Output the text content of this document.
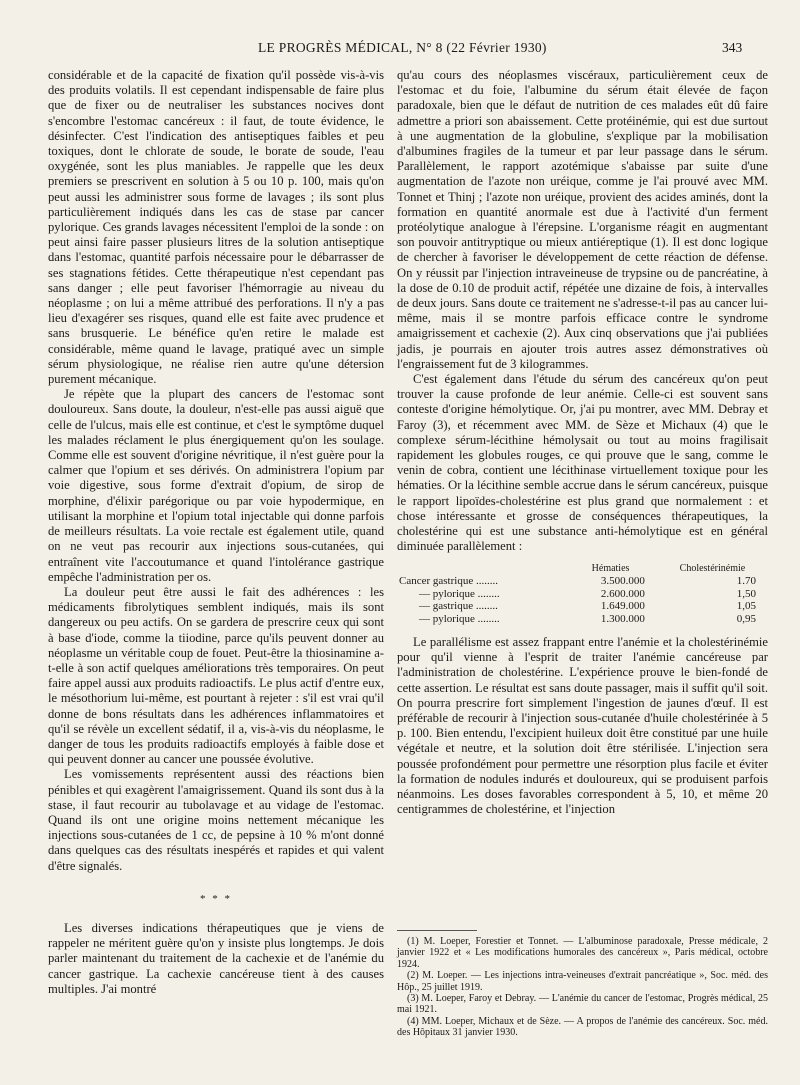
LE PROGRÈS MÉDICAL, N° 8 (22 Février 1930)	343

considérable et de la capacité de fixation qu'il possède vis-à-vis des produits volatils. Il est cependant indispensable de faire plus que de fixer ou de neutraliser les substances nocives dont s'encombre l'estomac cancéreux : il faut, de toute évidence, le désinfecter. C'est l'indication des antiseptiques faibles et peu toxiques, dont le chlorate de soude, le borate de soude, l'eau oxygénée, sont les plus maniables. Je rappelle que les deux premiers se prescrivent en solution à 5 ou 10 p. 100, mais qu'on peut aussi les administrer sous forme de lavages ; ils sont plus particulièrement indiqués dans les cas de stase par cancer pylorique. Ces grands lavages nécessitent l'emploi de la sonde : on peut ainsi faire passer plusieurs litres de la solution antiseptique dans l'estomac, quantité parfois nécessaire pour le débarrasser de ses stagnations fétides. Cette thérapeutique n'est cependant pas sans danger ; elle peut favoriser l'hémorragie au niveau du néoplasme ; on lui a même attribué des perforations. Il n'y a pas lieu d'exagérer ses risques, quand elle est faite avec prudence et sans brusquerie. Le bénéfice qu'en retire le malade est considérable, même quand le lavage, pratiqué avec un simple sérum physiologique, ne réalise rien autre qu'une détersion purement mécanique.

Je répète que la plupart des cancers de l'estomac sont douloureux. Sans doute, la douleur, n'est-elle pas aussi aiguë que celle de l'ulcus, mais elle est continue, et c'est le symptôme duquel les malades réclament le plus énergiquement qu'on les soulage. Comme elle est souvent d'origine névritique, il n'est guère pour la calmer que l'opium et ses dérivés. On administrera l'opium par voie digestive, sous forme d'extrait d'opium, de sirop de morphine, d'élixir parégorique ou par voie hypodermique, en utilisant la morphine et l'opium total injectable qui donne parfois de meilleurs résultats. La voie rectale est également utile, quand on ne veut pas recourir aux injections sous-cutanées, qui entraînent vite l'accoutumance et quand l'intolérance gastrique empêche l'administration per os.

La douleur peut être aussi le fait des adhérences : les médicaments fibrolytiques semblent indiqués, mais ils sont dangereux ou peu actifs. On se gardera de prescrire ceux qui sont à base d'iode, comme la tiiodine, parce qu'ils peuvent donner au néoplasme un véritable coup de fouet. Peut-être la thiosinamine a-t-elle à son actif quelques améliorations très temporaires. On peut faire appel aussi aux produits radioactifs. Le plus actif d'entre eux, le mésothorium lui-même, est pourtant à rejeter : s'il est vrai qu'il donne de bons résultats dans les adhérences inflammatoires et qu'il se révèle un excellent sédatif, il a, vis-à-vis du néoplasme, le danger de tous les produits radioactifs employés à faible dose et qui peuvent donner au cancer une poussée évolutive.

Les vomissements représentent aussi des réactions bien pénibles et qui exagèrent l'amaigrissement. Quand ils sont dus à la stase, il faut recourir au tubolavage et au vidage de l'estomac. Quand ils ont une origine moins nettement mécanique les injections sous-cutanées de 1 cc, de pepsine à 10 % m'ont donné dans quelques cas des résultats inespérés et rapides et qui valent d'être signalés.

* * *

Les diverses indications thérapeutiques que je viens de rappeler ne méritent guère qu'on y insiste plus longtemps. Je dois parler maintenant du traitement de la cachexie et de l'anémie du cancer gastrique. La cachexie cancéreuse tient à des causes multiples. J'ai montré

qu'au cours des néoplasmes viscéraux, particulièrement ceux de l'estomac et du foie, l'albumine du sérum était élevée de façon paradoxale, bien que le défaut de nutrition de ces malades eût dû faire admettre a priori son abaissement. Cette protéinémie, qui est due surtout à une augmentation de la globuline, s'explique par la mobilisation d'albumines fragiles de la tumeur et par leur passage dans le sérum. Parallèlement, le rapport azotémique s'abaisse par suite d'une augmentation de l'azote non uréique, comme je l'ai prouvé avec MM. Tonnet et Thinj ; l'azote non uréique, provient des acides aminés, dont la formation en quantité anormale est due à l'activité d'un ferment protéolytique analogue à l'érepsine. L'organisme réagit en augmentant son pouvoir antitryptique ou mieux antiéreptique (1). Il est donc logique de chercher à favoriser le développement de cette réaction de défense. On y réussit par l'injection intraveineuse de trypsine ou de pancréatine, à la dose de 0.10 de produit actif, répétée une dizaine de fois, à intervalles de deux jours. Sans doute ce traitement ne s'adresse-t-il pas au cancer lui-même, mais il se montre parfois efficace contre le syndrome amaigrissement et cachexie (2). Aux cinq observations que j'ai publiées jadis, je pourrais en ajouter trois autres assez démonstratives où l'engraissement fut de 3 kilogrammes.

C'est également dans l'étude du sérum des cancéreux qu'on peut trouver la cause profonde de leur anémie. Celle-ci est souvent sans conteste d'origine hémolytique. Or, j'ai pu montrer, avec MM. Debray et Faroy (3), et récemment avec MM. de Sèze et Michaux (4) que le complexe sérum-lécithine hémolysait ou tout au moins fragilisait rapidement les globules rouges, ce qui prouve que le sang, comme le venin de cobra, contient une lécithinase virtuellement toxique pour les hématies. Or la lécithine semble accrue dans le sérum cancéreux, puisque le rapport lipoïdes-cholestérine est plus grand que normalement : et chose intéressante et grosse de conséquences thérapeutiques, la cholestérine qui est une substance anti-hémolytique est en général diminuée parallèlement :

	Hématies	Cholestérinémie
Cancer gastrique ........	3.500.000	1.70
— pylorique ........	2.600.000	1,50
— gastrique ........	1.649.000	1,05
— pylorique ........	1.300.000	0,95

Le parallélisme est assez frappant entre l'anémie et la cholestérinémie pour qu'il vienne à l'esprit de traiter l'anémie cancéreuse par l'administration de cholestérine. L'expérience prouve le bien-fondé de cette assertion. Le résultat est sans doute passager, mais il suffit qu'il soit. On pourra prescrire fort simplement l'ingestion de jaunes d'œuf. Il est préférable de recourir à l'injection sous-cutanée d'huile cholestérinée à 5 p. 100. Bien entendu, l'excipient huileux doit être constitué par une huile végétale et neutre, et la solution doit être stérilisée. L'injection sera poussée profondément pour permettre une résorption plus facile et éviter la formation de nodules indurés et douloureux, qui se produisent parfois néanmoins. Les doses favorables correspondent à 5, 10, et même 20 centigrammes de cholestérine, et l'injection

(1) M. Loeper, Forestier et Tonnet. — L'albuminose paradoxale, Presse médicale, 2 janvier 1922 et « Les modifications humorales des cancéreux », Paris médical, octobre 1924.

(2) M. Loeper. — Les injections intra-veineuses d'extrait pancréatique », Soc. méd. des Hôp., 25 juillet 1919.

(3) M. Loeper, Faroy et Debray. — L'anémie du cancer de l'estomac, Progrès médical, 25 mai 1921.

(4) MM. Loeper, Michaux et de Sèze. — A propos de l'anémie des cancéreux. Soc. méd. des Hôpitaux 31 janvier 1930.
